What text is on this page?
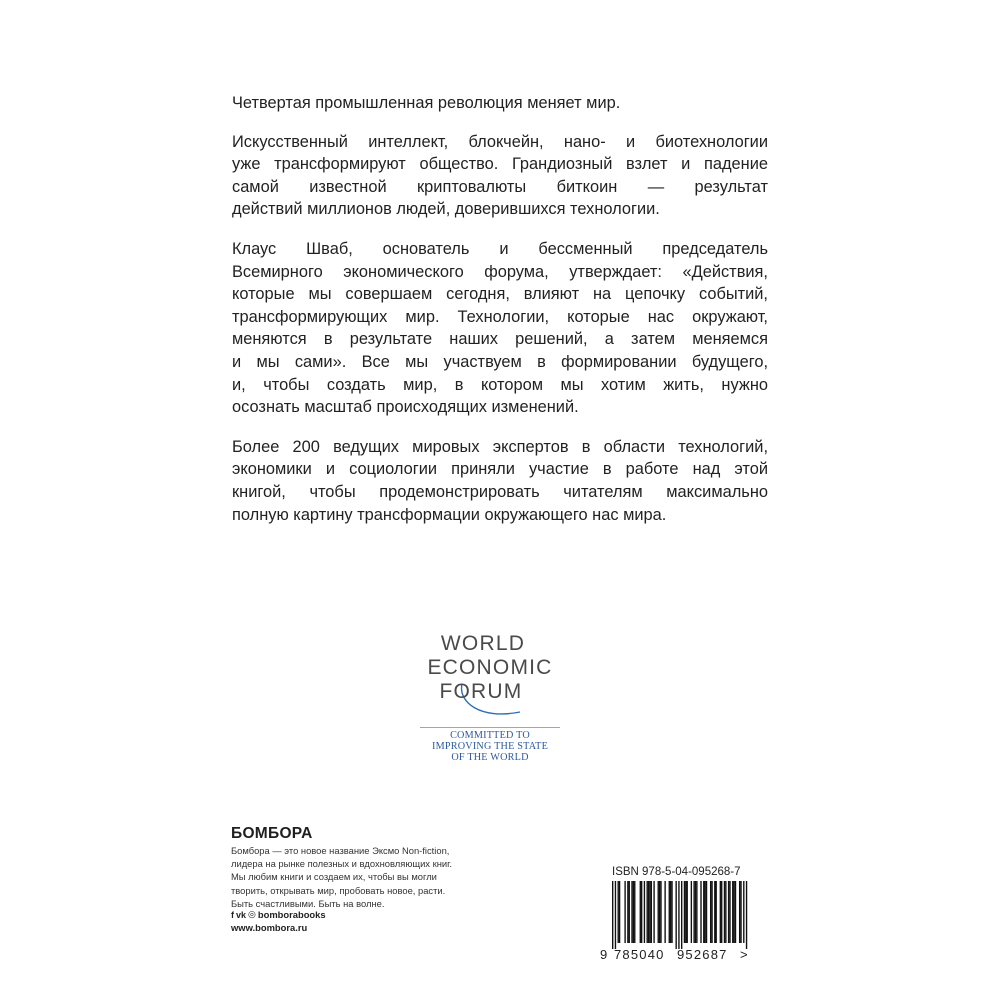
Четвертая промышленная революция меняет мир.

Искусственный интеллект, блокчейн, нано- и биотехнологии
уже трансформируют общество. Грандиозный взлет и падение
самой известной криптовалюты биткоин — результат
действий миллионов людей, доверившихся технологии.

Клаус Шваб, основатель и бессменный председатель
Всемирного экономического форума, утверждает: «Действия,
которые мы совершаем сегодня, влияют на цепочку событий,
трансформирующих мир. Технологии, которые нас окружают,
меняются в результате наших решений, а затем меняемся
и мы сами». Все мы участвуем в формировании будущего,
и, чтобы создать мир, в котором мы хотим жить, нужно
осознать масштаб происходящих изменений.

Более 200 ведущих мировых экспертов в области технологий,
экономики и социологии приняли участие в работе над этой
книгой, чтобы продемонстрировать читателям максимально
полную картину трансформации окружающего нас мира.

WORLD
ECONOMIC
FORUM
COMMITTED TO
IMPROVING THE STATE
OF THE WORLD
БОМБОРА
Бомбора — это новое название Эксмо Non-fiction,
лидера на рынке полезных и вдохновляющих книг.
Мы любим книги и создаем их, чтобы вы могли
творить, открывать мир, пробовать новое, расти.
Быть счастливыми. Быть на волне.
f vk ◎ bomborabooks
www.bombora.ru
ISBN 978-5-04-095268-7
9 785040 952687 >
